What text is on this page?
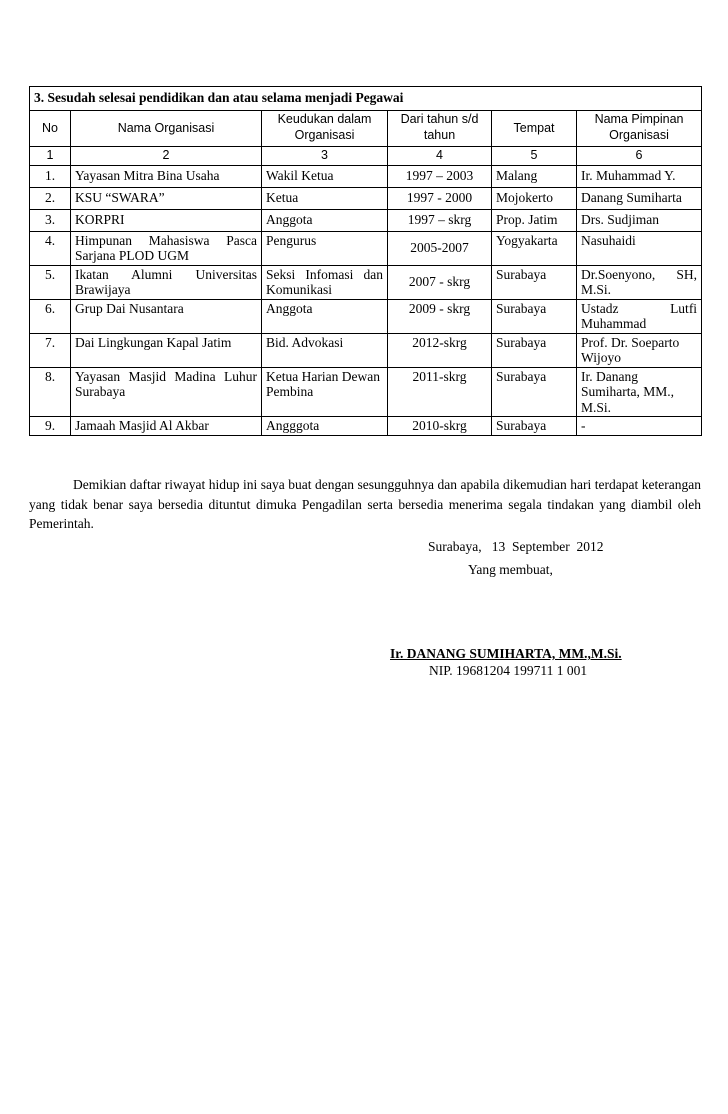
3. Sesudah selesai pendidikan dan atau selama menjadi Pegawai					
No	Nama Organisasi	Keudukan dalam Organisasi	Dari tahun s/d tahun	Tempat	Nama Pimpinan Organisasi
1	2	3	4	5	6
1.	Yayasan Mitra Bina Usaha	Wakil Ketua	1997 – 2003	Malang	Ir. Muhammad Y.
2.	KSU “SWARA”	Ketua	1997 - 2000	Mojokerto	Danang Sumiharta
3.	KORPRI	Anggota	1997 – skrg	Prop. Jatim	Drs. Sudjiman
4.	Himpunan Mahasiswa Pasca Sarjana PLOD UGM	Pengurus	2005-2007	Yogyakarta	Nasuhaidi
5.	Ikatan Alumni Universitas Brawijaya	Seksi Infomasi dan Komunikasi	2007 - skrg	Surabaya	Dr.Soenyono, SH, M.Si.
6.	Grup Dai Nusantara	Anggota	2009 - skrg	Surabaya	Ustadz Lutfi Muhammad
7.	Dai Lingkungan Kapal Jatim	Bid. Advokasi	2012-skrg	Surabaya	Prof. Dr. Soeparto Wijoyo
8.	Yayasan Masjid Madina Luhur Surabaya	Ketua Harian Dewan Pembina	2011-skrg	Surabaya	Ir. Danang Sumiharta, MM., M.Si.
9.	Jamaah Masjid Al Akbar	Angggota	2010-skrg	Surabaya	-

Demikian daftar riwayat hidup ini saya buat dengan sesungguhnya dan apabila dikemudian hari terdapat keterangan yang tidak benar saya bersedia dituntut dimuka Pengadilan serta bersedia menerima segala tindakan yang diambil oleh Pemerintah.

Surabaya,   13  September  2012
Yang membuat,
Ir. DANANG SUMIHARTA, MM.,M.Si.
NIP. 19681204 199711 1 001
